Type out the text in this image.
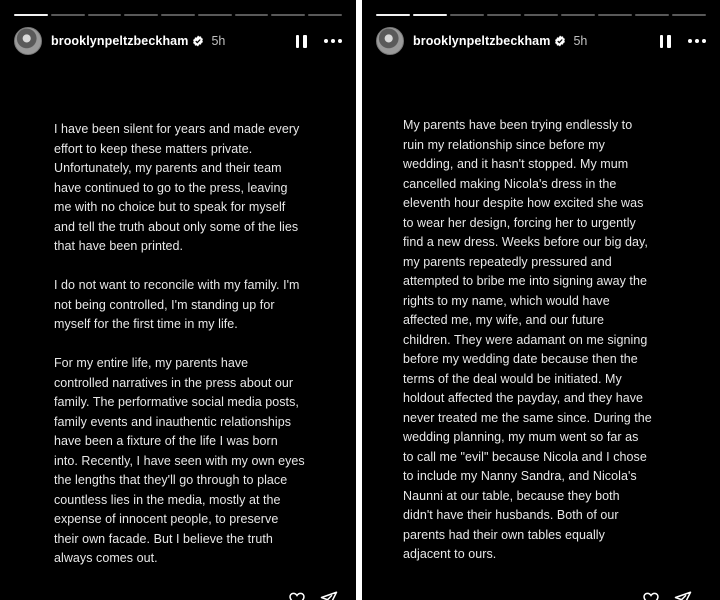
brooklynpeltzbeckham 5h
I have been silent for years and made every
effort to keep these matters private.
Unfortunately, my parents and their team
have continued to go to the press, leaving
me with no choice but to speak for myself
and tell the truth about only some of the lies
that have been printed.

I do not want to reconcile with my family. I'm
not being controlled, I'm standing up for
myself for the first time in my life.

For my entire life, my parents have
controlled narratives in the press about our
family. The performative social media posts,
family events and inauthentic relationships
have been a fixture of the life I was born
into. Recently, I have seen with my own eyes
the lengths that they'll go through to place
countless lies in the media, mostly at the
expense of innocent people, to preserve
their own facade. But I believe the truth
always comes out.
brooklynpeltzbeckham 5h
My parents have been trying endlessly to
ruin my relationship since before my
wedding, and it hasn't stopped. My mum
cancelled making Nicola's dress in the
eleventh hour despite how excited she was
to wear her design, forcing her to urgently
find a new dress. Weeks before our big day,
my parents repeatedly pressured and
attempted to bribe me into signing away the
rights to my name, which would have
affected me, my wife, and our future
children. They were adamant on me signing
before my wedding date because then the
terms of the deal would be initiated. My
holdout affected the payday, and they have
never treated me the same since. During the
wedding planning, my mum went so far as
to call me "evil" because Nicola and I chose
to include my Nanny Sandra, and Nicola's
Naunni at our table, because they both
didn't have their husbands. Both of our
parents had their own tables equally
adjacent to ours.
